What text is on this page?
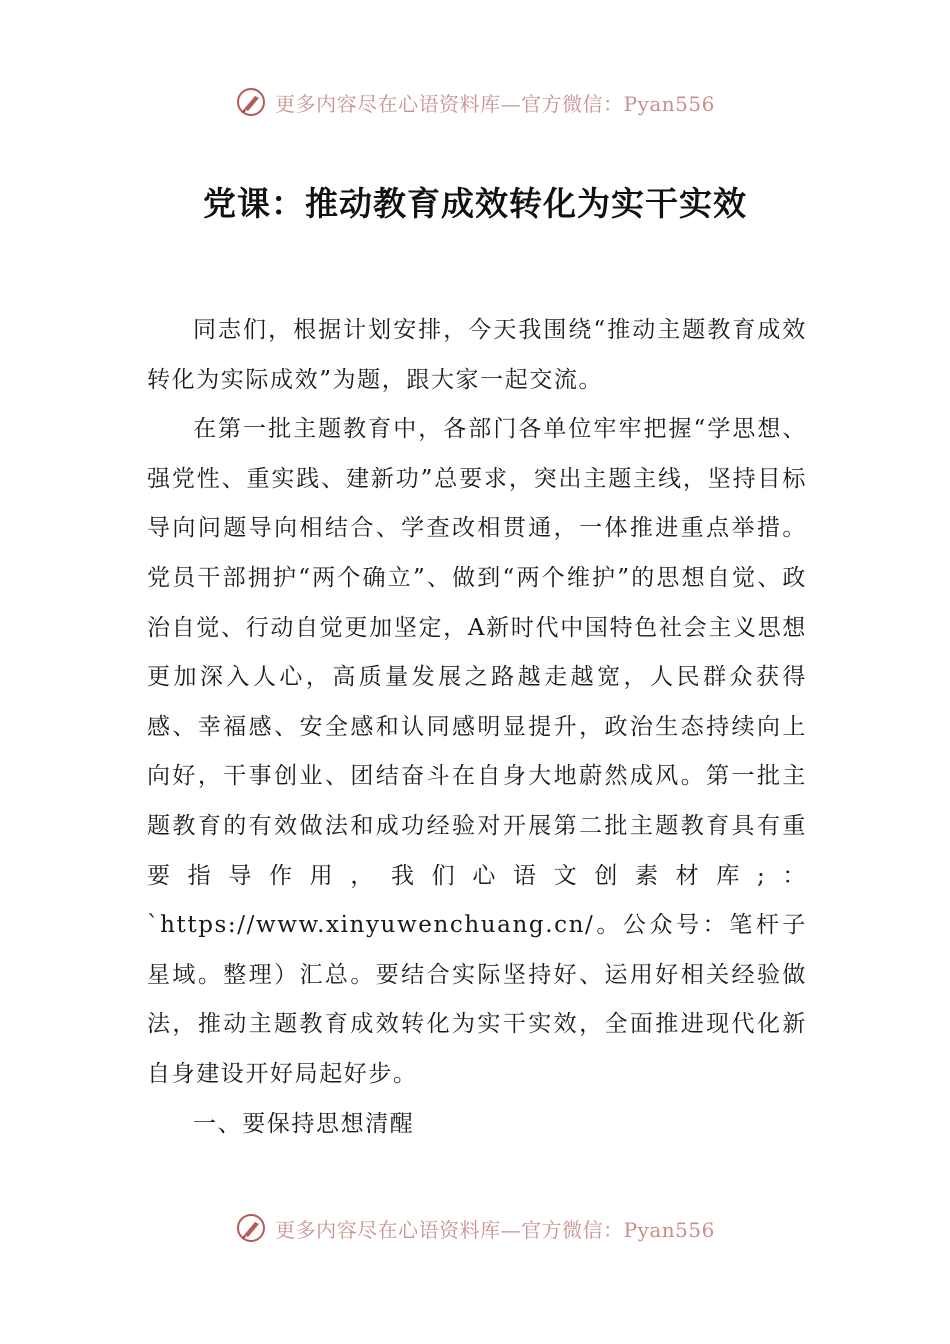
更多内容尽在心语资料库—官方微信：Pyan556
党课：推动教育成效转化为实干实效

同志们，根据计划安排，今天我围绕“推动主题教育成效转化为实际成效”为题，跟大家一起交流。

在第一批主题教育中，各部门各单位牢牢把握“学思想、强党性、重实践、建新功”总要求，突出主题主线，坚持目标导向问题导向相结合、学查改相贯通，一体推进重点举措。党员干部拥护“两个确立”、做到“两个维护”的思想自觉、政治自觉、行动自觉更加坚定，A新时代中国特色社会主义思想更加深入人心，高质量发展之路越走越宽，人民群众获得感、幸福感、安全感和认同感明显提升，政治生态持续向上向好，干事创业、团结奋斗在自身大地蔚然成风。第一批主题教育的有效做法和成功经验对开展第二批主题教育具有重要指导作用，我们心语文创素材库;：`https://www.xinyuwenchuang.cn/。公众号：笔杆子星域。整理）汇总。要结合实际坚持好、运用好相关经验做法，推动主题教育成效转化为实干实效，全面推进现代化新自身建设开好局起好步。

一、要保持思想清醒

更多内容尽在心语资料库—官方微信：Pyan556
